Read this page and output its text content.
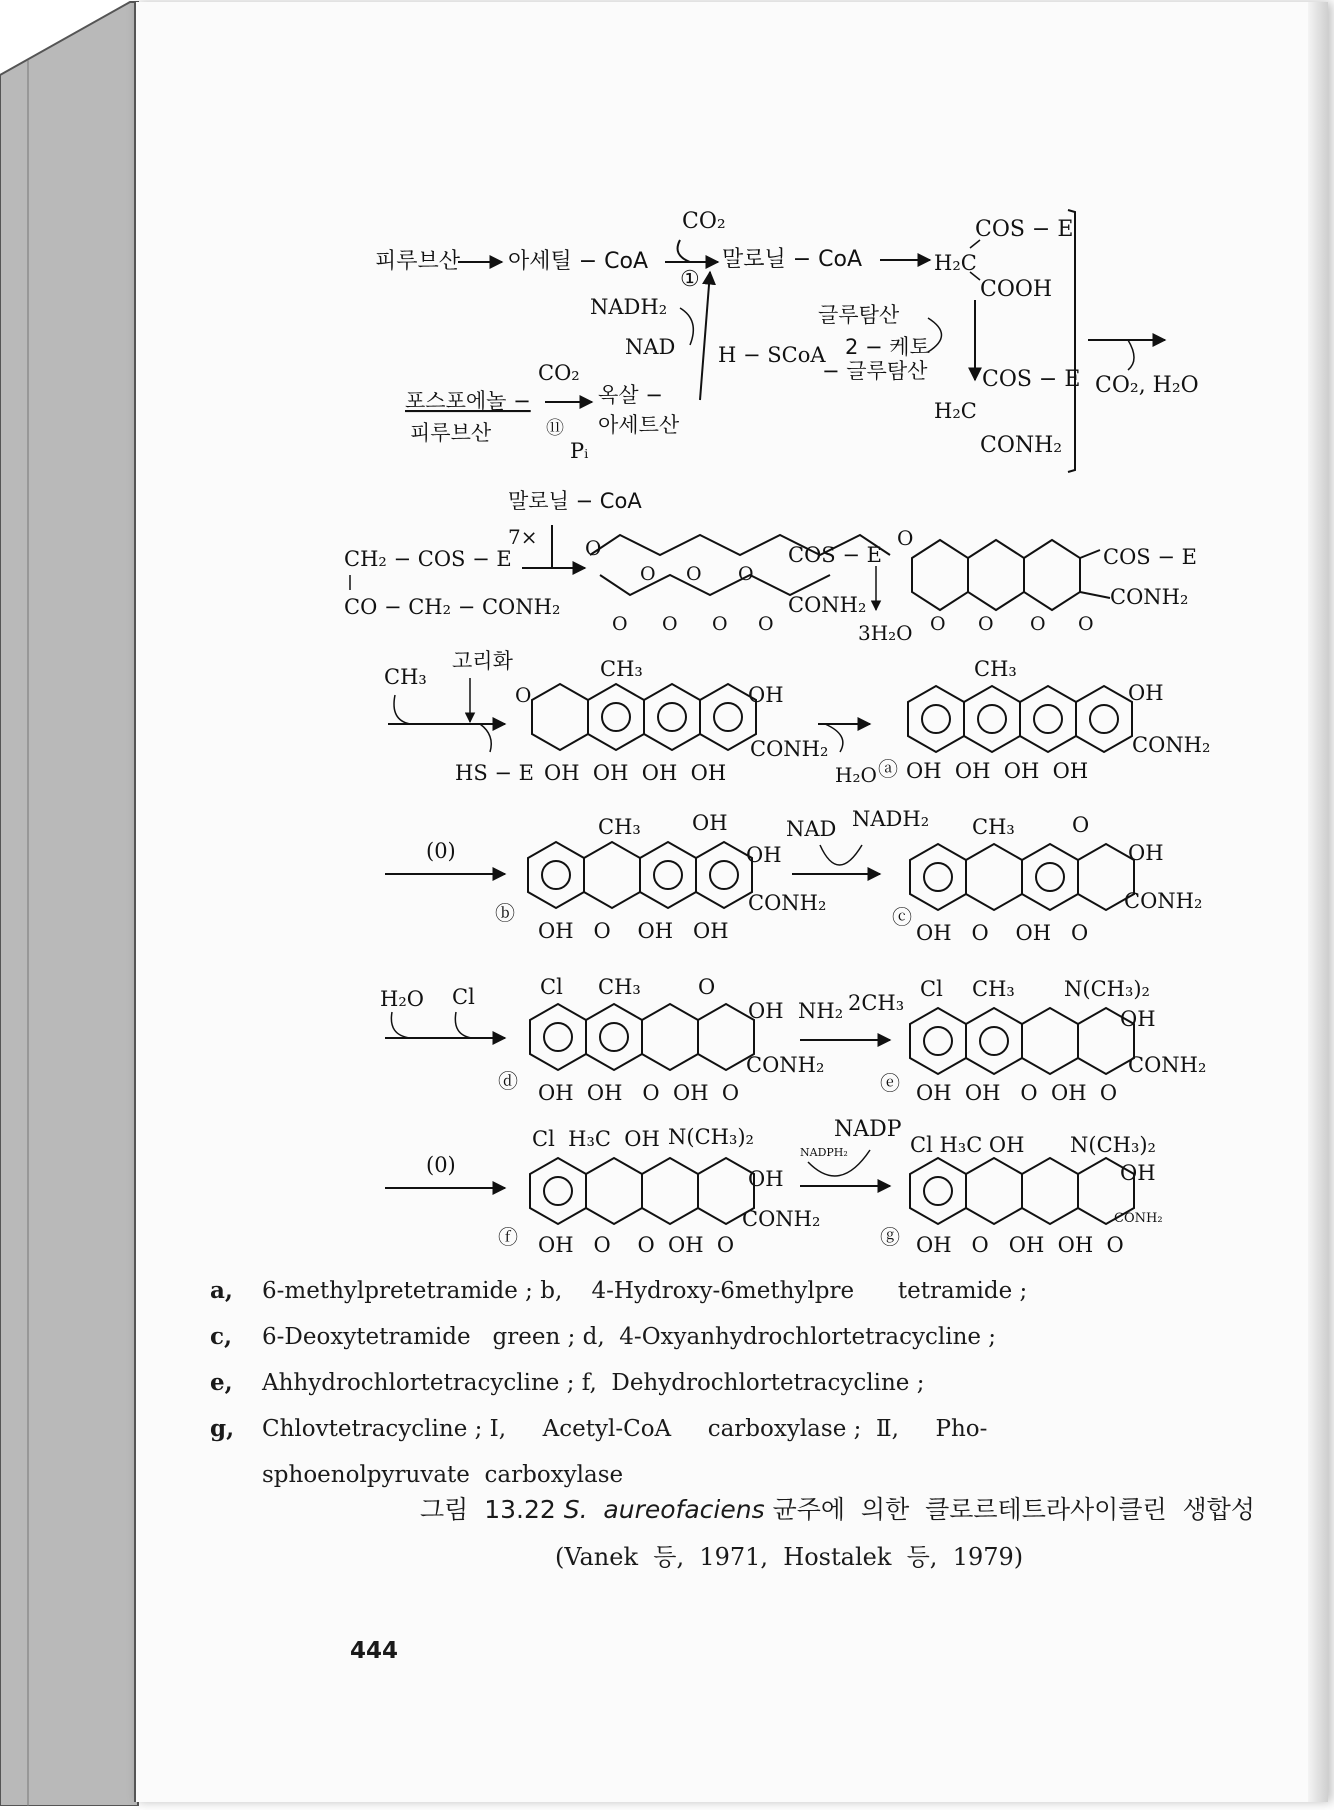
피루브산 아세틸 − CoA
CO₂
①
말로닐 − CoA	H₂C
COS − E
COOH
NADH₂
NAD H − SCoA
글루탐산
2 − 케토
− 글루탐산 COS − E
H₂C
CONH₂
CO₂, H₂O
CO₂
포스포에놀 −
피루브산	⑪
Pᵢ
옥살 −
아세트산
말로닐 − CoA
7×
CH₂ − COS − E
CO − CH₂ − CONH₂
O	COS − E
CONH₂
O O O
O O O O	3H₂O
O
COS − E
CONH₂
O O O O
CH₃
고리화
HS − E
O
CH₃
OH
CONH₂
OH  OH  OH  OH	H₂O ⓐ
CH₃
OH
CONH₂
OH  OH  OH  OH
(0)
ⓑ
CH₃ OH
OH
CONH₂
OH   O    OH   OH
NAD NADH₂
ⓒ
CH₃	O
OH
CONH₂
OH   O    OH   O
H₂O Cl
ⓓ
Cl CH₃	O
OH
CONH₂
OH  OH   O  OH  O
NH₂ 2CH₃
ⓔ
Cl CH₃ N(CH₃)₂
OH
CONH₂
OH  OH   O  OH  O
(0)
ⓕ
Cl  H₃C  OH N(CH₃)₂
OH
CONH₂
OH   O    O  OH  O
NADP
NADPH₂
ⓖ
Cl H₃C OH N(CH₃)₂
OH
CONH₂
OH   O   OH  OH  O
a,	6-methylpretetramide ; b,    4-Hydroxy-6methylpre      tetramide ;
c,	6-Deoxytetramide   green ; d,  4-Oxyanhydrochlortetracycline ;
e,	Ahhydrochlortetracycline ; f,  Dehydrochlortetracycline ;
g,	Chlovtetracycline ; I,     Acetyl-CoA     carboxylase ;  Ⅱ,     Pho-
sphoenolpyruvate  carboxylase
그림  13.22 S.  aureofaciens 균주에  의한  클로르테트라사이클린  생합성
(Vanek  등,  1971,  Hostalek  등,  1979)
444
